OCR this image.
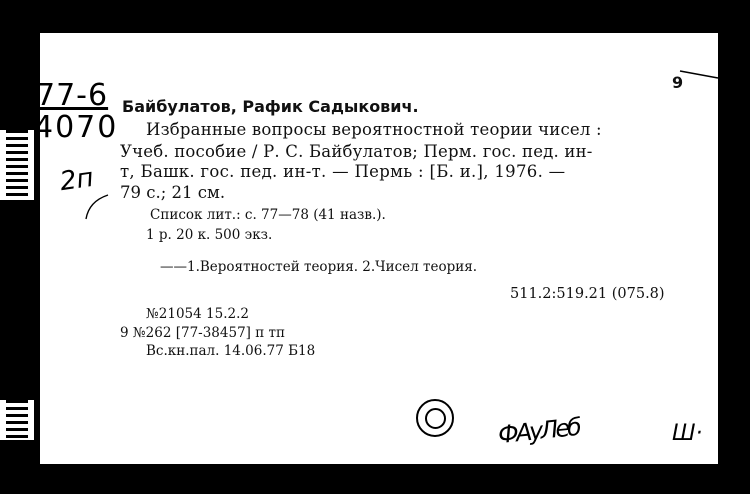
77-6
4070
9
Байбулатов, Рафик Садыкович.
Избранные вопросы вероятностной теории чисел :
Учеб. пособие / Р. С. Байбулатов; Перм. гос. пед. ин-
т, Башк. гос. пед. ин-т. — Пермь : [Б. и.], 1976. —
79 с.; 21 см.
Список лит.: с. 77—78 (41 назв.).
1 р. 20 к. 500 экз.
——1.Вероятностей теория. 2.Чисел теория.
511.2:519.21 (075.8)
№21054 15.2.2
9 №262 [77-38457] п тп
Вс.кн.пал. 14.06.77 Б18
2п
ФАуЛеб	Ш·
